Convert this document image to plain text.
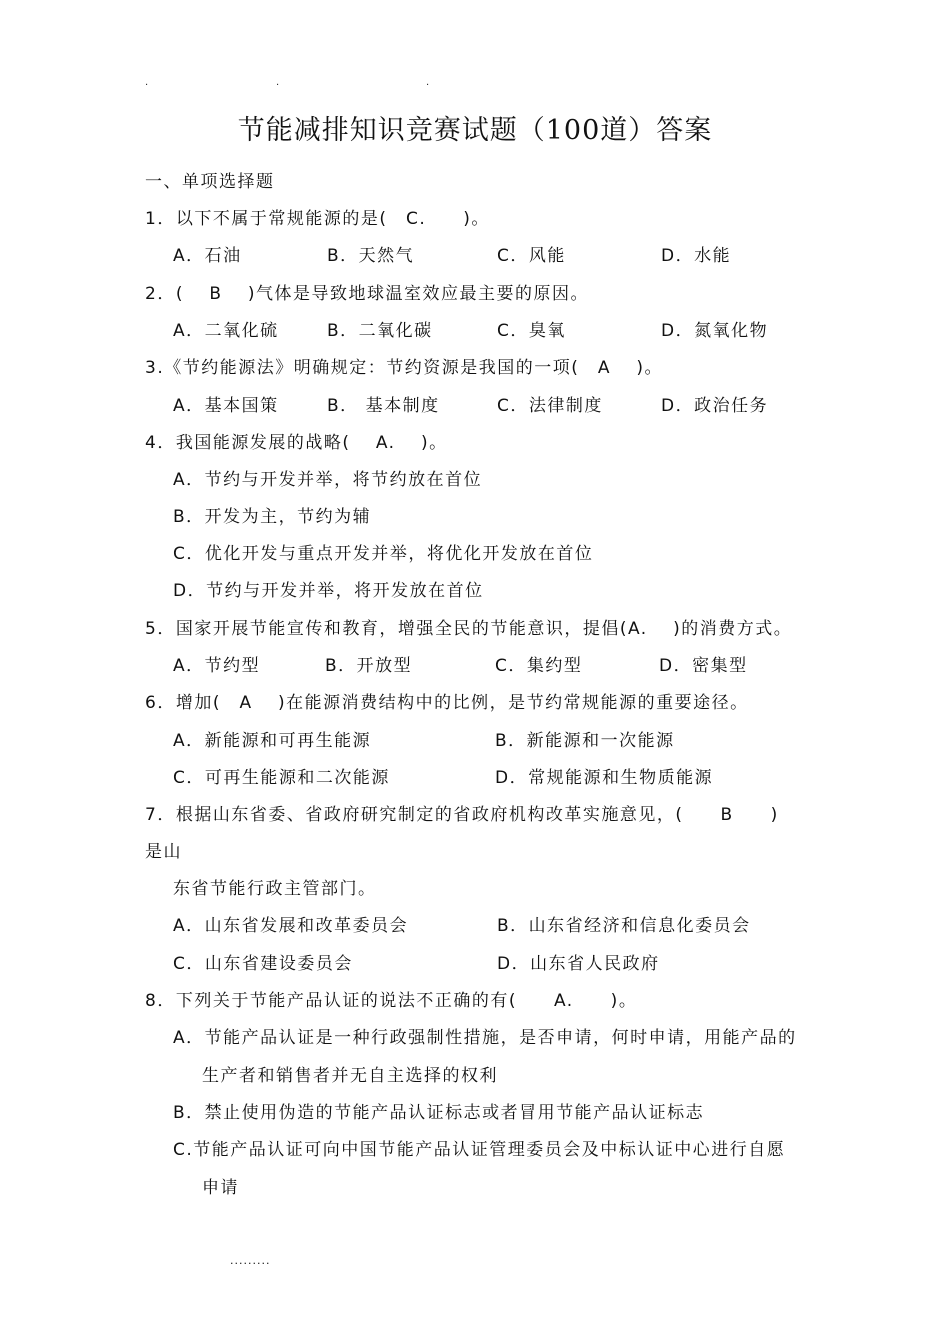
.	.	.
节能减排知识竞赛试题（100道）答案
一、单项选择题
1．以下不属于常规能源的是(　C.　　)。
A．石油	B．天然气	C．风能	D．水能
2．(　 B　 )气体是导致地球温室效应最主要的原因。
A．二氧化硫	B．二氧化碳	C．臭氧	D．氮氧化物
3.《节约能源法》明确规定：节约资源是我国的一项(　A　 )。
A．基本国策	B． 基本制度	C．法律制度	D．政治任务
4．我国能源发展的战略(　 A.　 )。
A．节约与开发并举，将节约放在首位
B．开发为主，节约为辅
C．优化开发与重点开发并举，将优化开发放在首位
D．节约与开发并举，将开发放在首位
5．国家开展节能宣传和教育，增强全民的节能意识，提倡(A.　 )的消费方式。
A．节约型	B．开放型	C．集约型	D．密集型
6．增加(　A　 )在能源消费结构中的比例，是节约常规能源的重要途径。
A．新能源和可再生能源	B．新能源和一次能源
C．可再生能源和二次能源	D．常规能源和生物质能源
7．根据山东省委、省政府研究制定的省政府机构改革实施意见，(　　B　　)
是山
东省节能行政主管部门。
A．山东省发展和改革委员会	B．山东省经济和信息化委员会
C．山东省建设委员会	D．山东省人民政府
8．下列关于节能产品认证的说法不正确的有(　　A.　　)。
A．节能产品认证是一种行政强制性措施，是否申请，何时申请，用能产品的
生产者和销售者并无自主选择的权利
B．禁止使用伪造的节能产品认证标志或者冒用节能产品认证标志
C.节能产品认证可向中国节能产品认证管理委员会及中标认证中心进行自愿
申请
.........
